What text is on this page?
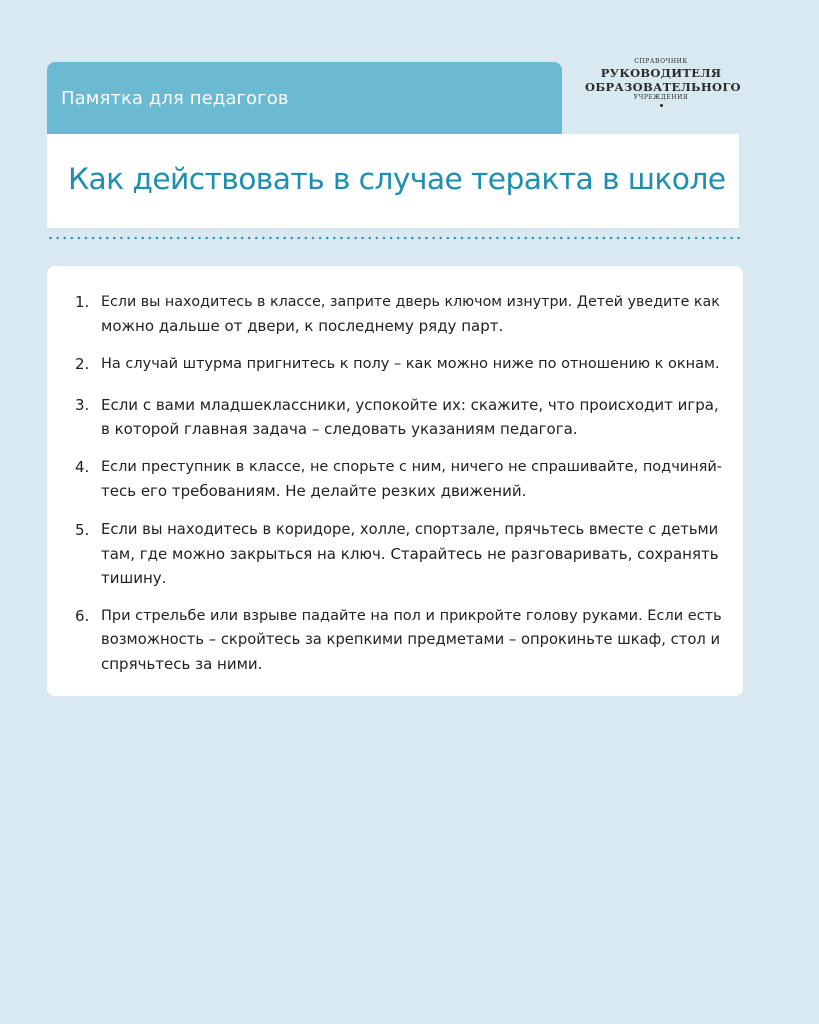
Памятка для педагогов
СПРАВОЧНИК
РУКОВОДИТЕЛЯ
ОБРАЗОВАТЕЛЬНОГО
УЧРЕЖДЕНИЯ
Как действовать в случае теракта в школе
1. Если вы находитесь в классе, заприте дверь ключом изнутри. Детей уведите как
можно дальше от двери, к последнему ряду парт.
2. На случай штурма пригнитесь к полу – как можно ниже по отношению к окнам.
3. Если с вами младшеклассники, успокойте их: скажите, что происходит игра,
в которой главная задача – следовать указаниям педагога.
4. Если преступник в классе, не спорьте с ним, ничего не спрашивайте, подчиняй-
тесь его требованиям. Не делайте резких движений.
5. Если вы находитесь в коридоре, холле, спортзале, прячьтесь вместе с детьми
там, где можно закрыться на ключ. Старайтесь не разговаривать, сохранять
тишину.
6. При стрельбе или взрыве падайте на пол и прикройте голову руками. Если есть
возможность – скройтесь за крепкими предметами – опрокиньте шкаф, стол и
спрячьтесь за ними.
